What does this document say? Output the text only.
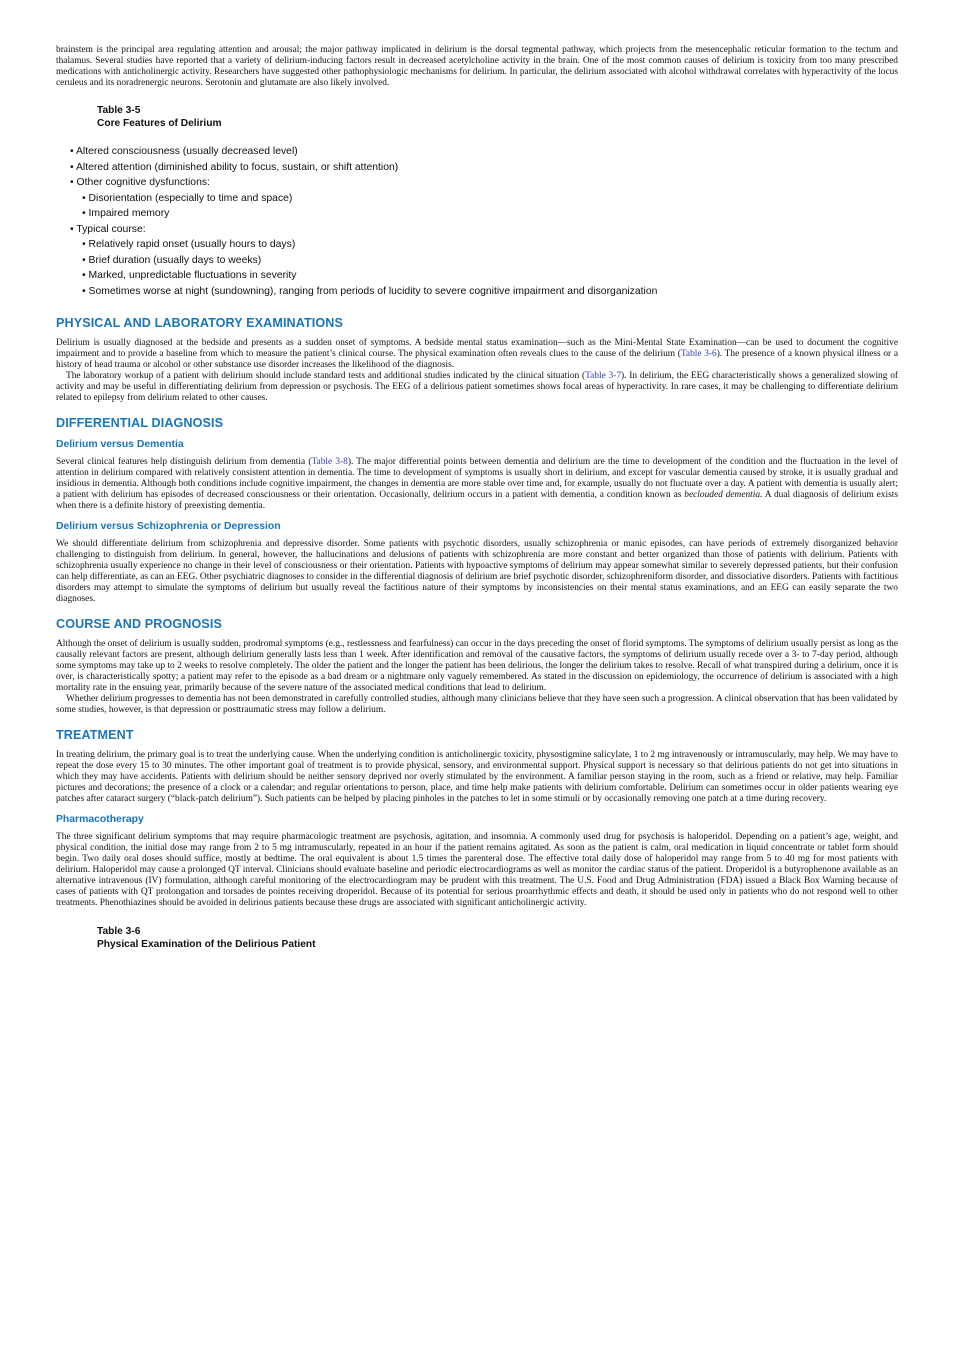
brainstem is the principal area regulating attention and arousal; the major pathway implicated in delirium is the dorsal tegmental pathway, which projects from the mesencephalic reticular formation to the tectum and thalamus. Several studies have reported that a variety of delirium-inducing factors result in decreased acetylcholine activity in the brain. One of the most common causes of delirium is toxicity from too many prescribed medications with anticholinergic activity. Researchers have suggested other pathophysiologic mechanisms for delirium. In particular, the delirium associated with alcohol withdrawal correlates with hyperactivity of the locus ceruleus and its noradrenergic neurons. Serotonin and glutamate are also likely involved.

Table 3-5
Core Features of Delirium
• Altered consciousness (usually decreased level)
• Altered attention (diminished ability to focus, sustain, or shift attention)
• Other cognitive dysfunctions:
• Disorientation (especially to time and space)
• Impaired memory
• Typical course:
• Relatively rapid onset (usually hours to days)
• Brief duration (usually days to weeks)
• Marked, unpredictable fluctuations in severity
• Sometimes worse at night (sundowning), ranging from periods of lucidity to severe cognitive impairment and disorganization
PHYSICAL AND LABORATORY EXAMINATIONS

Delirium is usually diagnosed at the bedside and presents as a sudden onset of symptoms. A bedside mental status examination—such as the Mini-Mental State Examination—can be used to document the cognitive impairment and to provide a baseline from which to measure the patient’s clinical course. The physical examination often reveals clues to the cause of the delirium (Table 3-6). The presence of a known physical illness or a history of head trauma or alcohol or other substance use disorder increases the likelihood of the diagnosis.

The laboratory workup of a patient with delirium should include standard tests and additional studies indicated by the clinical situation (Table 3-7). In delirium, the EEG characteristically shows a generalized slowing of activity and may be useful in differentiating delirium from depression or psychosis. The EEG of a delirious patient sometimes shows focal areas of hyperactivity. In rare cases, it may be challenging to differentiate delirium related to epilepsy from delirium related to other causes.

DIFFERENTIAL DIAGNOSIS
Delirium versus Dementia

Several clinical features help distinguish delirium from dementia (Table 3-8). The major differential points between dementia and delirium are the time to development of the condition and the fluctuation in the level of attention in delirium compared with relatively consistent attention in dementia. The time to development of symptoms is usually short in delirium, and except for vascular dementia caused by stroke, it is usually gradual and insidious in dementia. Although both conditions include cognitive impairment, the changes in dementia are more stable over time and, for example, usually do not fluctuate over a day. A patient with dementia is usually alert; a patient with delirium has episodes of decreased consciousness or their orientation. Occasionally, delirium occurs in a patient with dementia, a condition known as beclouded dementia. A dual diagnosis of delirium exists when there is a definite history of preexisting dementia.

Delirium versus Schizophrenia or Depression

We should differentiate delirium from schizophrenia and depressive disorder. Some patients with psychotic disorders, usually schizophrenia or manic episodes, can have periods of extremely disorganized behavior challenging to distinguish from delirium. In general, however, the hallucinations and delusions of patients with schizophrenia are more constant and better organized than those of patients with delirium. Patients with schizophrenia usually experience no change in their level of consciousness or their orientation. Patients with hypoactive symptoms of delirium may appear somewhat similar to severely depressed patients, but their confusion can help differentiate, as can an EEG. Other psychiatric diagnoses to consider in the differential diagnosis of delirium are brief psychotic disorder, schizophreniform disorder, and dissociative disorders. Patients with factitious disorders may attempt to simulate the symptoms of delirium but usually reveal the factitious nature of their symptoms by inconsistencies on their mental status examinations, and an EEG can easily separate the two diagnoses.

COURSE AND PROGNOSIS

Although the onset of delirium is usually sudden, prodromal symptoms (e.g., restlessness and fearfulness) can occur in the days preceding the onset of florid symptoms. The symptoms of delirium usually persist as long as the causally relevant factors are present, although delirium generally lasts less than 1 week. After identification and removal of the causative factors, the symptoms of delirium usually recede over a 3- to 7-day period, although some symptoms may take up to 2 weeks to resolve completely. The older the patient and the longer the patient has been delirious, the longer the delirium takes to resolve. Recall of what transpired during a delirium, once it is over, is characteristically spotty; a patient may refer to the episode as a bad dream or a nightmare only vaguely remembered. As stated in the discussion on epidemiology, the occurrence of delirium is associated with a high mortality rate in the ensuing year, primarily because of the severe nature of the associated medical conditions that lead to delirium.

Whether delirium progresses to dementia has not been demonstrated in carefully controlled studies, although many clinicians believe that they have seen such a progression. A clinical observation that has been validated by some studies, however, is that depression or posttraumatic stress may follow a delirium.

TREATMENT

In treating delirium, the primary goal is to treat the underlying cause. When the underlying condition is anticholinergic toxicity, physostigmine salicylate, 1 to 2 mg intravenously or intramuscularly, may help. We may have to repeat the dose every 15 to 30 minutes. The other important goal of treatment is to provide physical, sensory, and environmental support. Physical support is necessary so that delirious patients do not get into situations in which they may have accidents. Patients with delirium should be neither sensory deprived nor overly stimulated by the environment. A familiar person staying in the room, such as a friend or relative, may help. Familiar pictures and decorations; the presence of a clock or a calendar; and regular orientations to person, place, and time help make patients with delirium comfortable. Delirium can sometimes occur in older patients wearing eye patches after cataract surgery (“black-patch delirium”). Such patients can be helped by placing pinholes in the patches to let in some stimuli or by occasionally removing one patch at a time during recovery.

Pharmacotherapy

The three significant delirium symptoms that may require pharmacologic treatment are psychosis, agitation, and insomnia. A commonly used drug for psychosis is haloperidol. Depending on a patient’s age, weight, and physical condition, the initial dose may range from 2 to 5 mg intramuscularly, repeated in an hour if the patient remains agitated. As soon as the patient is calm, oral medication in liquid concentrate or tablet form should begin. Two daily oral doses should suffice, mostly at bedtime. The oral equivalent is about 1.5 times the parenteral dose. The effective total daily dose of haloperidol may range from 5 to 40 mg for most patients with delirium. Haloperidol may cause a prolonged QT interval. Clinicians should evaluate baseline and periodic electrocardiograms as well as monitor the cardiac status of the patient. Droperidol is a butyrophenone available as an alternative intravenous (IV) formulation, although careful monitoring of the electrocardiogram may be prudent with this treatment. The U.S. Food and Drug Administration (FDA) issued a Black Box Warning because of cases of patients with QT prolongation and torsades de pointes receiving droperidol. Because of its potential for serious proarrhythmic effects and death, it should be used only in patients who do not respond well to other treatments. Phenothiazines should be avoided in delirious patients because these drugs are associated with significant anticholinergic activity.

Table 3-6
Physical Examination of the Delirious Patient
